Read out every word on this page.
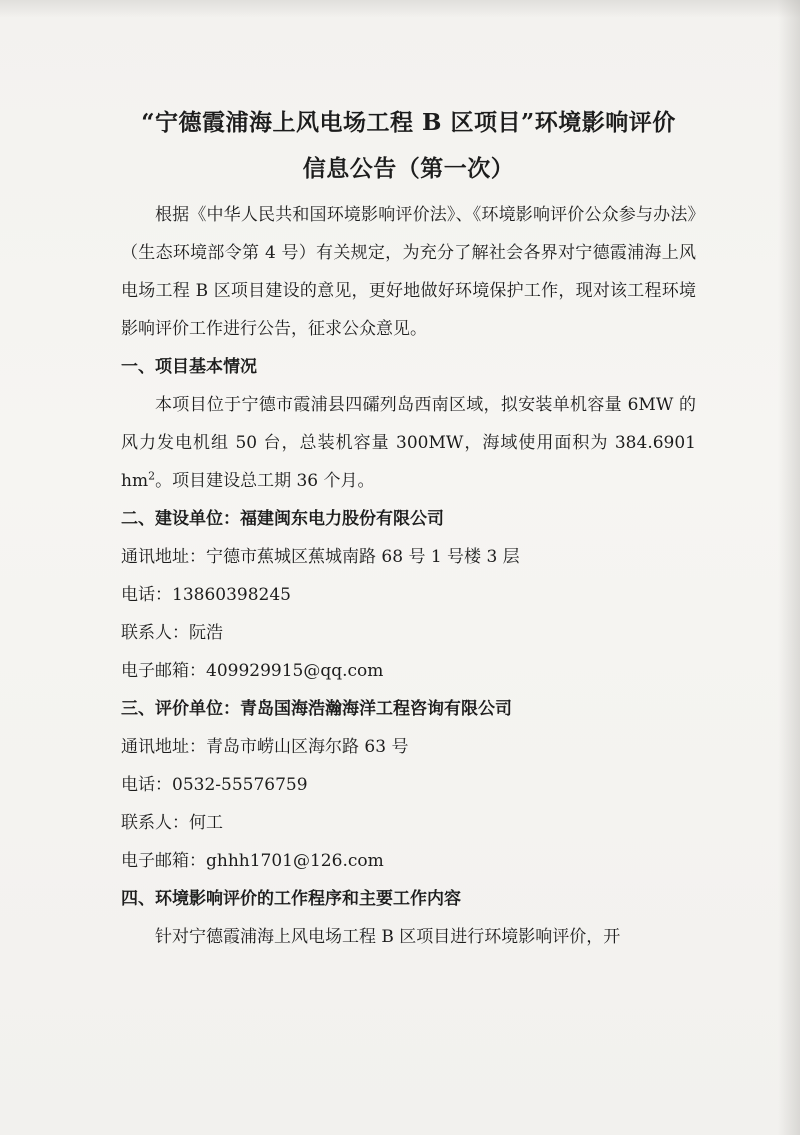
“宁德霞浦海上风电场工程 B 区项目”环境影响评价
信息公告（第一次）

根据《中华人民共和国环境影响评价法》、《环境影响评价公众参与办法》（生态环境部令第 4 号）有关规定，为充分了解社会各界对宁德霞浦海上风电场工程 B 区项目建设的意见，更好地做好环境保护工作，现对该工程环境影响评价工作进行公告，征求公众意见。

一、项目基本情况

本项目位于宁德市霞浦县四礵列岛西南区域，拟安装单机容量 6MW 的风力发电机组 50 台，总装机容量 300MW，海域使用面积为 384.6901 $hm^2$。项目建设总工期 36 个月。

二、建设单位：福建闽东电力股份有限公司

通讯地址：宁德市蕉城区蕉城南路 68 号 1 号楼 3 层

电话：13860398245

联系人：阮浩

电子邮箱：409929915@qq.com

三、评价单位：青岛国海浩瀚海洋工程咨询有限公司

通讯地址：青岛市崂山区海尔路 63 号

电话：0532-55576759

联系人：何工

电子邮箱：ghhh1701@126.com

四、环境影响评价的工作程序和主要工作内容

针对宁德霞浦海上风电场工程 B 区项目进行环境影响评价，开
